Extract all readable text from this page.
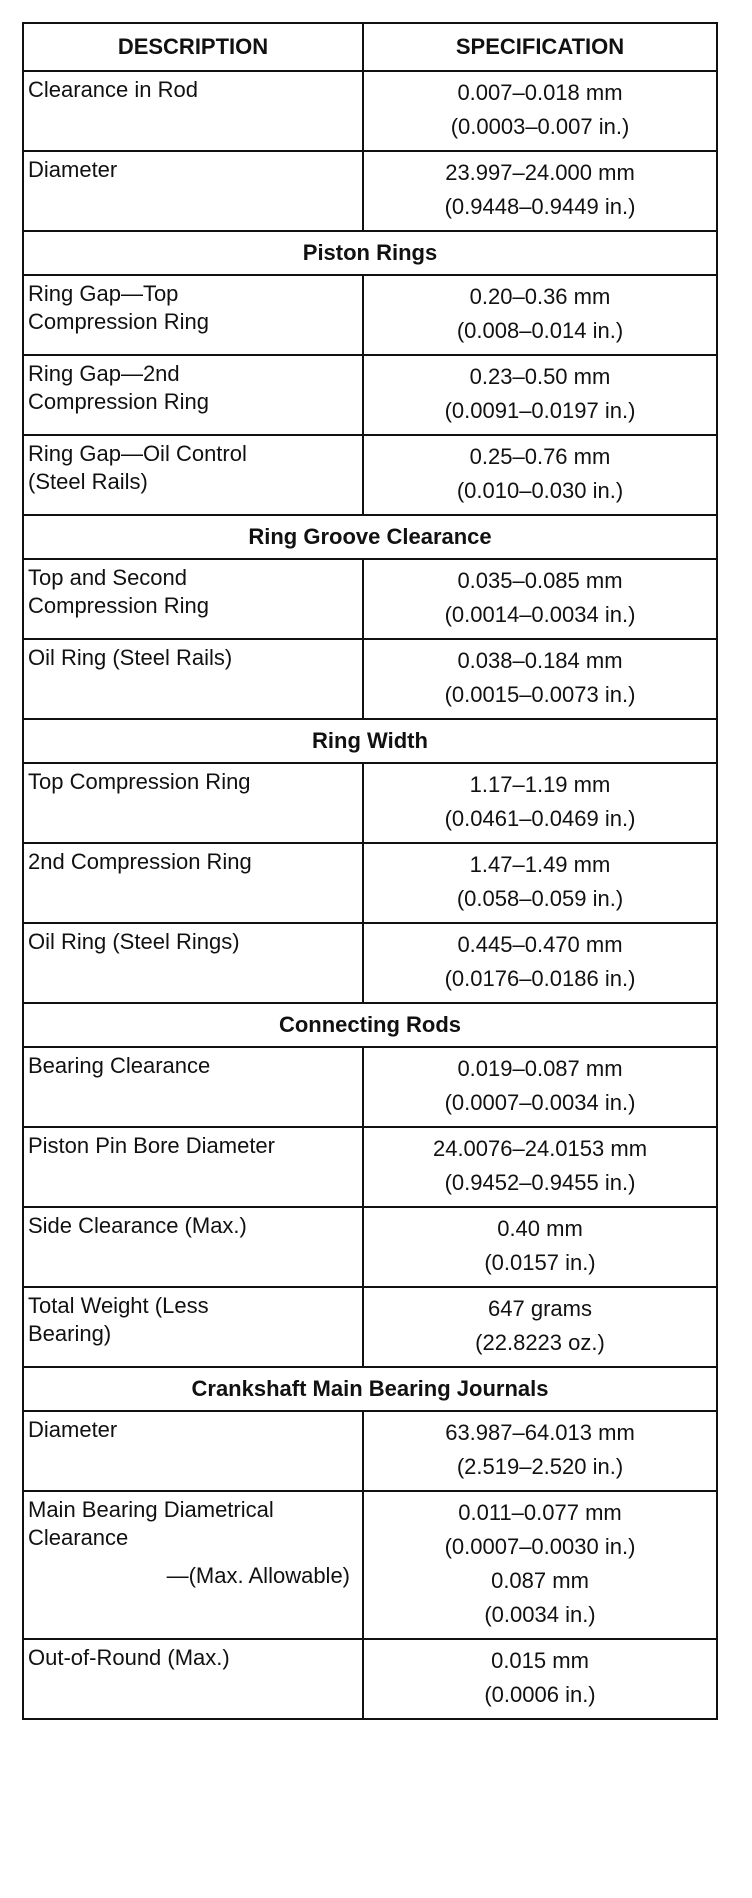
DESCRIPTION	SPECIFICATION

Clearance in Rod	0.007–0.018 mm
(0.0003–0.007 in.)

Diameter	23.997–24.000 mm
(0.9448–0.9449 in.)

Piston Rings	

Ring Gap—Top
Compression Ring	0.20–0.36 mm
(0.008–0.014 in.)

Ring Gap—2nd
Compression Ring	0.23–0.50 mm
(0.0091–0.0197 in.)

Ring Gap—Oil Control
(Steel Rails)	0.25–0.76 mm
(0.010–0.030 in.)

Ring Groove Clearance	

Top and Second
Compression Ring	0.035–0.085 mm
(0.0014–0.0034 in.)

Oil Ring (Steel Rails)	0.038–0.184 mm
(0.0015–0.0073 in.)

Ring Width	

Top Compression Ring	1.17–1.19 mm
(0.0461–0.0469 in.)

2nd Compression Ring	1.47–1.49 mm
(0.058–0.059 in.)

Oil Ring (Steel Rings)	0.445–0.470 mm
(0.0176–0.0186 in.)

Connecting Rods	

Bearing Clearance	0.019–0.087 mm
(0.0007–0.0034 in.)

Piston Pin Bore Diameter	24.0076–24.0153 mm
(0.9452–0.9455 in.)

Side Clearance (Max.)	0.40 mm
(0.0157 in.)

Total Weight (Less
Bearing)	647 grams
(22.8223 oz.)

Crankshaft Main Bearing Journals	

Diameter	63.987–64.013 mm
(2.519–2.520 in.)

Main Bearing Diametrical
Clearance
—(Max. Allowable)	0.011–0.077 mm
(0.0007–0.0030 in.)
0.087 mm
(0.0034 in.)

Out-of-Round (Max.)	0.015 mm
(0.0006 in.)
